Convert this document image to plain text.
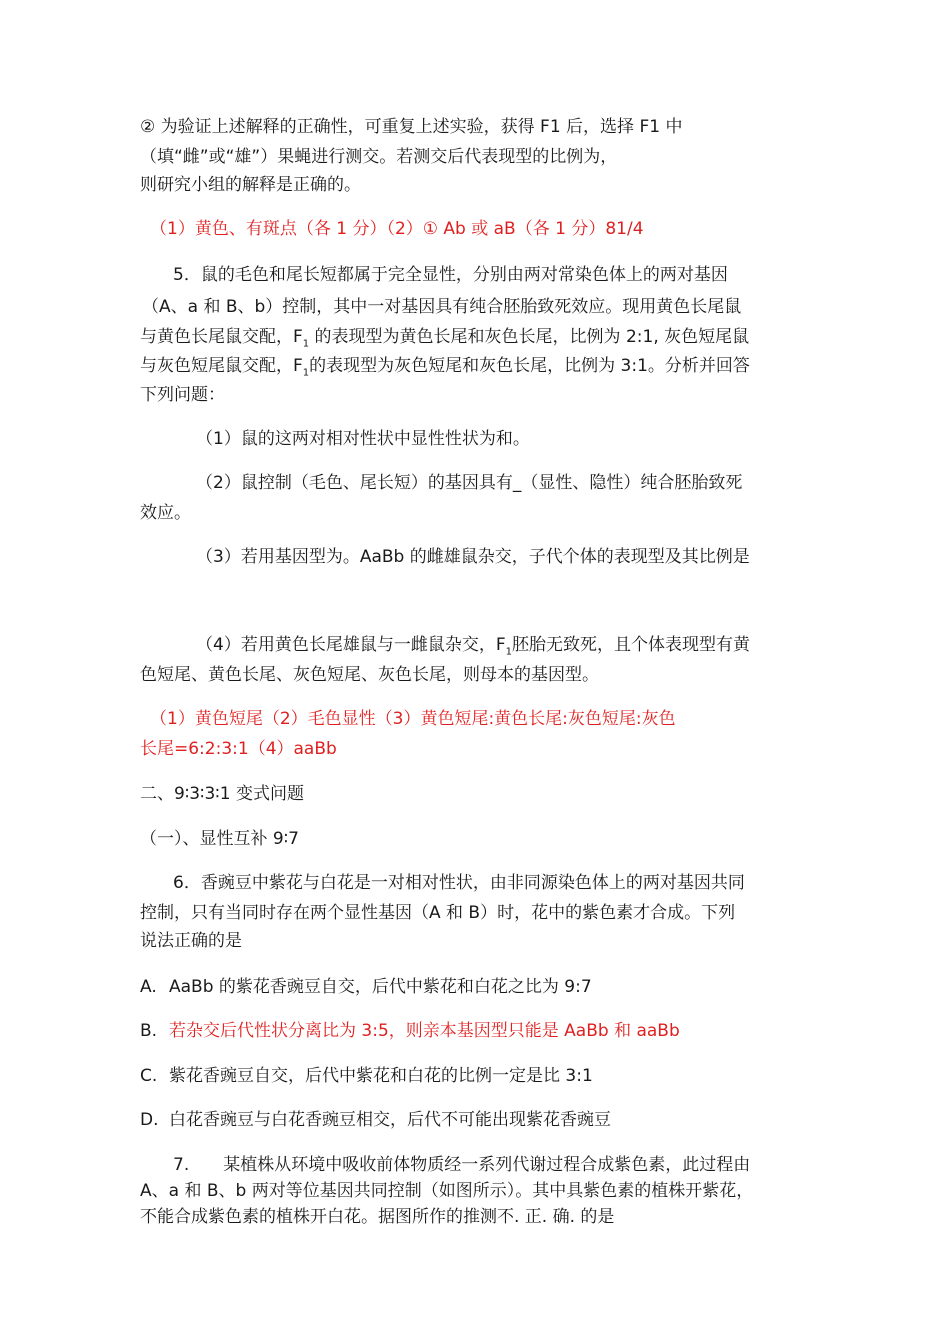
② 为验证上述解释的正确性，可重复上述实验，获得 F1 后，选择 F1 中
（填“雌”或“雄”）果蝇进行测交。若测交后代表现型的比例为，
则研究小组的解释是正确的。
（1）黄色、有斑点（各 1 分）（2）① Ab 或 aB（各 1 分）81/4
5．鼠的毛色和尾长短都属于完全显性，分别由两对常染色体上的两对基因
（A、a 和 B、b）控制，其中一对基因具有纯合胚胎致死效应。现用黄色长尾鼠
与黄色长尾鼠交配，$F_1$ 的表现型为黄色长尾和灰色长尾，比例为 2:1, 灰色短尾鼠
与灰色短尾鼠交配，$F_1$的表现型为灰色短尾和灰色长尾，比例为 3:1。分析并回答
下列问题：
（1）鼠的这两对相对性状中显性性状为和。
（2）鼠控制（毛色、尾长短）的基因具有_（显性、隐性）纯合胚胎致死
效应。
（3）若用基因型为。AaBb 的雌雄鼠杂交，子代个体的表现型及其比例是
（4）若用黄色长尾雄鼠与一雌鼠杂交，$F_1$胚胎无致死，且个体表现型有黄
色短尾、黄色长尾、灰色短尾、灰色长尾，则母本的基因型。
（1）黄色短尾（2）毛色显性（3）黄色短尾:黄色长尾:灰色短尾:灰色
长尾=6:2:3:1（4）aaBb
二、9∶3∶3∶1 变式问题
（一）、显性互补 9∶7
6．香豌豆中紫花与白花是一对相对性状，由非同源染色体上的两对基因共同
控制，只有当同时存在两个显性基因（A 和 B）时，花中的紫色素才合成。下列
说法正确的是
A. AaBb 的紫花香豌豆自交，后代中紫花和白花之比为 9:7
B. 若杂交后代性状分离比为 3:5，则亲本基因型只能是 AaBb 和 aaBb
C. 紫花香豌豆自交，后代中紫花和白花的比例一定是比 3:1
D. 白花香豌豆与白花香豌豆相交，后代不可能出现紫花香豌豆
7.　　某植株从环境中吸收前体物质经一系列代谢过程合成紫色素，此过程由
A、a 和 B、b 两对等位基因共同控制（如图所示）。其中具紫色素的植株开紫花，
不能合成紫色素的植株开白花。据图所作的推测不. 正. 确. 的是
